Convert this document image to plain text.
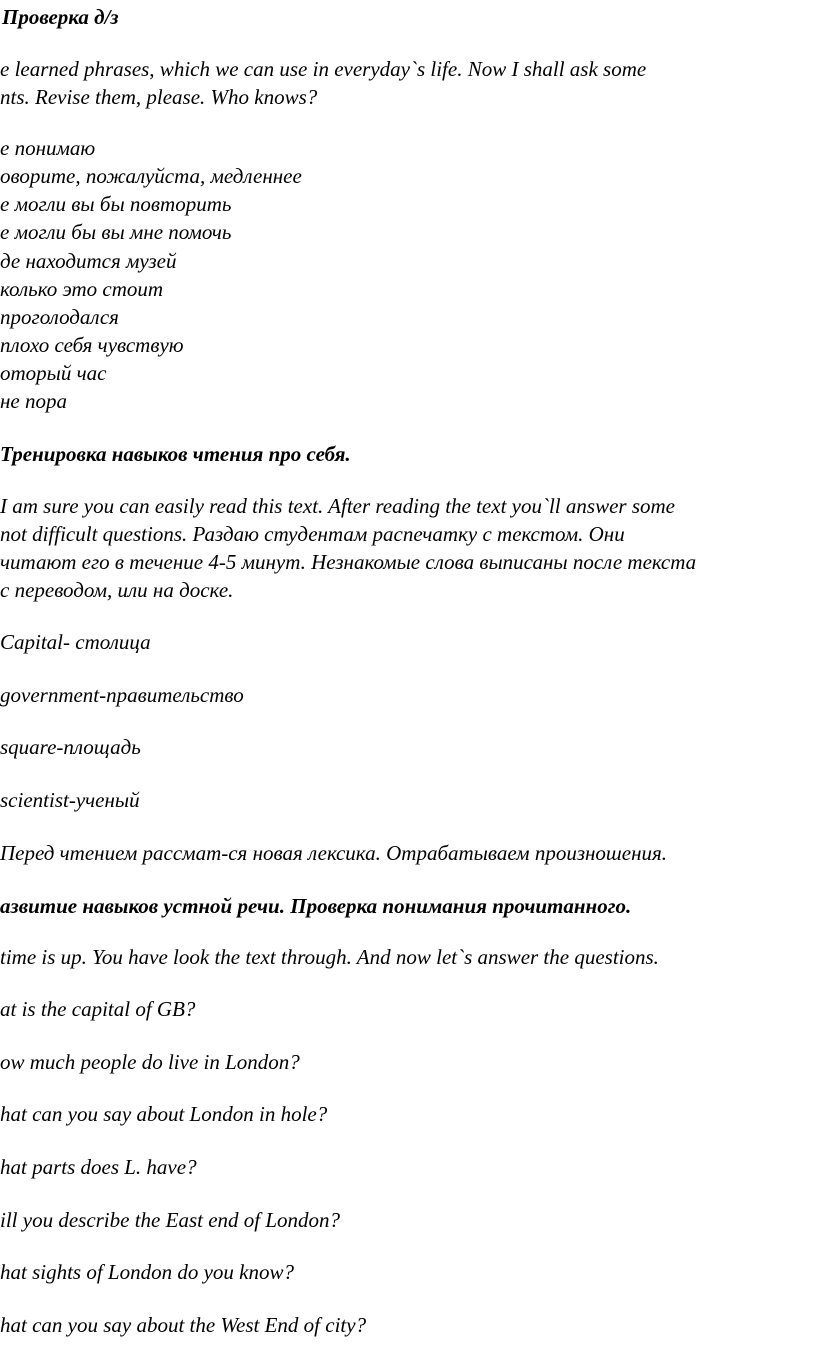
Проверка д/з
e learned phrases, which we can use in everyday`s life. Now I shall ask some
nts. Revise them, please. Who knows?
е понимаю
оворите, пожалуйста, медленнее
е могли вы бы повторить
е могли бы вы мне помочь
де находится музей
колько это стоит
проголодался
плохо себя чувствую
оторый час
не пора
Тренировка навыков чтения про себя.
I am sure you can easily read this text. After reading the text you`ll answer some
not difficult questions. Раздаю студентам распечатку с текстом. Они
читают его в течение 4-5 минут. Незнакомые слова выписаны после текста
с переводом, или на доске.
Capital- столица
government-правительство
square-площадь
scientist-ученый
Перед чтением рассмат-ся новая лексика. Отрабатываем произношения.
азвитие навыков устной речи. Проверка понимания прочитанного.
time is up. You have look the text through. And now let`s answer the questions.
at is the capital of GB?
ow much people do live in London?
hat can you say about London in hole?
hat parts does L. have?
ill you describe the East end of London?
hat sights of London do you know?
hat can you say about the West End of city?
